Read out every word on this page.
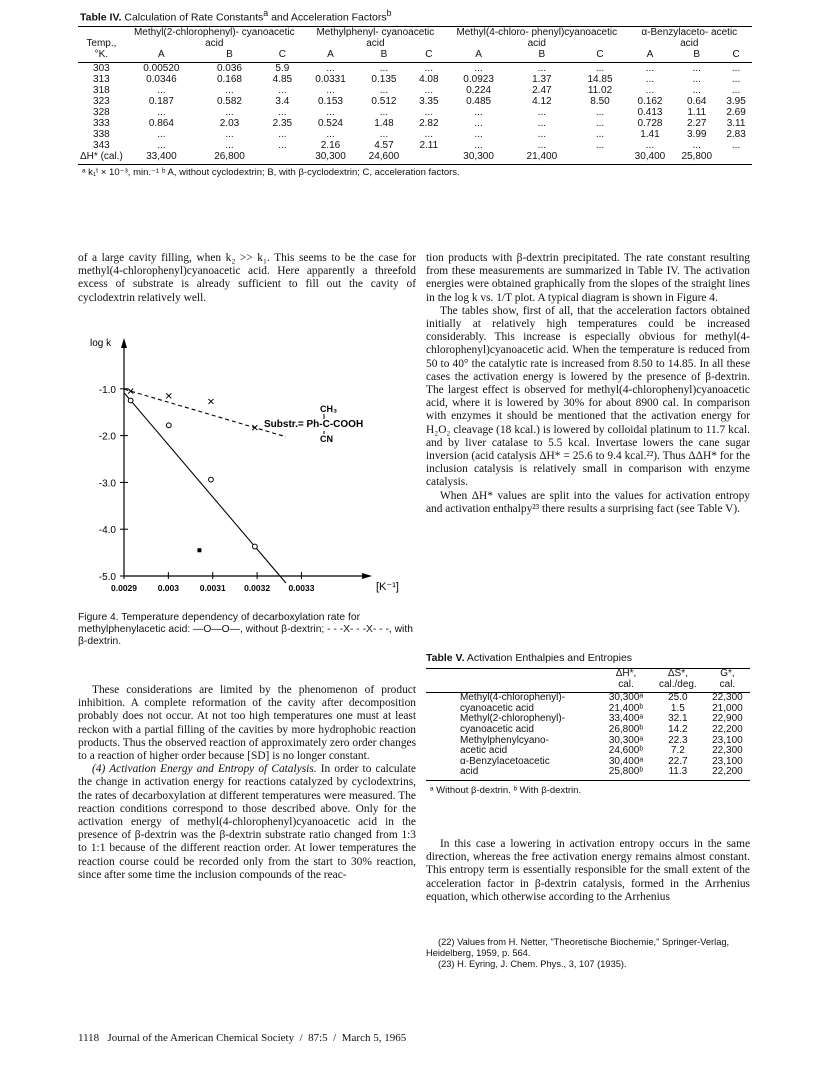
Table IV. Calculation of Rate Constants$^a$ and Acceleration Factors$^b$
Temp.,	Methyl(2-chlorophenyl)- cyanoacetic acid			Methylphenyl- cyanoacetic acid			Methyl(4-chloro- phenyl)cyanoacetic acid			α-Benzylaceto- acetic acid		
°K.	A	B	C	A	B	C	A	B	C	A	B	C
303	0.00520	0.036	5.9	...	...	...	...	...	...	...	...	...
313	0.0346	0.168	4.85	0.0331	0.135	4.08	0.0923	1.37	14.85	...	...	...
318	...	...	...	...	...	...	0.224	2.47	11.02	...	...	...
323	0.187	0.582	3.4	0.153	0.512	3.35	0.485	4.12	8.50	0.162	0.64	3.95
328	...	...	...	...	...	...	...	...	...	0.413	1.11	2.69
333	0.864	2.03	2.35	0.524	1.48	2.82	...	...	...	0.728	2.27	3.11
338	...	...	...	...	...	...	...	...	...	1.41	3.99	2.83
343	...	...	...	2.16	4.57	2.11	...	...	...	...	...	...
ΔH* (cal.)	33,400	26,800		30,300	24,600		30,300	21,400		30,400	25,800	

ᵃ k₁ᵗ × 10⁻³, min.⁻¹ ᵇ A, without cyclodextrin; B, with β-cyclodextrin; C, acceleration factors.

of a large cavity filling, when k₂ >> k₁. This seems to be the case for methyl(4-chlorophenyl)cyanoacetic acid. Here apparently a threefold excess of substrate is already sufficient to fill out the cavity of cyclodextrin relatively well.

log k
-1.0
-2.0
-3.0
-4.0
-5.0
0.0029 0.003 0.0031 0.0032 0.0033	[K⁻¹]
CH₃
Substr.= Ph-C-COOH
CN
Figure 4. Temperature dependency of decarboxylation rate for methylphenylacetic acid: —O—O—, without β-dextrin; - - -X- - -X- - -, with β-dextrin.

These considerations are limited by the phenomenon of product inhibition. A complete reformation of the cavity after decomposition probably does not occur. At not too high temperatures one must at least reckon with a partial filling of the cavities by more hydrophobic reaction products. Thus the observed reaction of approximately zero order changes to a reaction of higher order because [SD] is no longer constant.

(4) Activation Energy and Entropy of Catalysis. In order to calculate the change in activation energy for reactions catalyzed by cyclodextrins, the rates of decarboxylation at different temperatures were measured. The reaction conditions correspond to those described above. Only for the activation energy of methyl(4-chlorophenyl)cyanoacetic acid in the presence of β-dextrin was the β-dextrin substrate ratio changed from 1:3 to 1:1 because of the different reaction order. At lower temperatures the reaction course could be recorded only from the start to 30% reaction, since after some time the inclusion compounds of the reac-

tion products with β-dextrin precipitated. The rate constant resulting from these measurements are summarized in Table IV. The activation energies were obtained graphically from the slopes of the straight lines in the log k vs. 1/T plot. A typical diagram is shown in Figure 4.

The tables show, first of all, that the acceleration factors obtained initially at relatively high temperatures could be increased considerably. This increase is especially obvious for methyl(4-chlorophenyl)cyanoacetic acid. When the temperature is reduced from 50 to 40° the catalytic rate is increased from 8.50 to 14.85. In all these cases the activation energy is lowered by the presence of β-dextrin. The largest effect is observed for methyl(4-chlorophenyl)cyanoacetic acid, where it is lowered by 30% for about 8900 cal. In comparison with enzymes it should be mentioned that the activation energy for H₂O₂ cleavage (18 kcal.) is lowered by colloidal platinum to 11.7 kcal. and by liver catalase to 5.5 kcal. Invertase lowers the cane sugar inversion (acid catalysis ΔH* = 25.6 to 9.4 kcal.²²). Thus ΔΔH* for the inclusion catalysis is relatively small in comparison with enzyme catalysis.

When ΔH* values are split into the values for activation entropy and activation enthalpy²³ there results a surprising fact (see Table V).

Table V. Activation Enthalpies and Entropies
	ΔH*,	ΔS*,	G*,
	cal.	cal./deg.	cal.
Methyl(4-chlorophenyl)-	30,300ᵃ	25.0	22,300
cyanoacetic acid	21,400ᵇ	1.5	21,000
Methyl(2-chlorophenyl)-	33,400ᵃ	32.1	22,900
cyanoacetic acid	26,800ᵇ	14.2	22,200
Methylphenylcyano-	30,300ᵃ	22.3	23,100
acetic acid	24,600ᵇ	7.2	22,300
α-Benzylacetoacetic	30,400ᵃ	22.7	23,100
acid	25,800ᵇ	11.3	22,200
ᵃ Without β-dextrin. ᵇ With β-dextrin.

In this case a lowering in activation entropy occurs in the same direction, whereas the free activation energy remains almost constant. This entropy term is essentially responsible for the small extent of the acceleration factor in β-dextrin catalysis, formed in the Arrhenius equation, which otherwise according to the Arrhenius

(22) Values from H. Netter, "Theoretische Biochemie," Springer-Verlag, Heidelberg, 1959, p. 564.
(23) H. Eyring, J. Chem. Phys., 3, 107 (1935).
1118   Journal of the American Chemical Society  /  87:5  /  March 5, 1965
